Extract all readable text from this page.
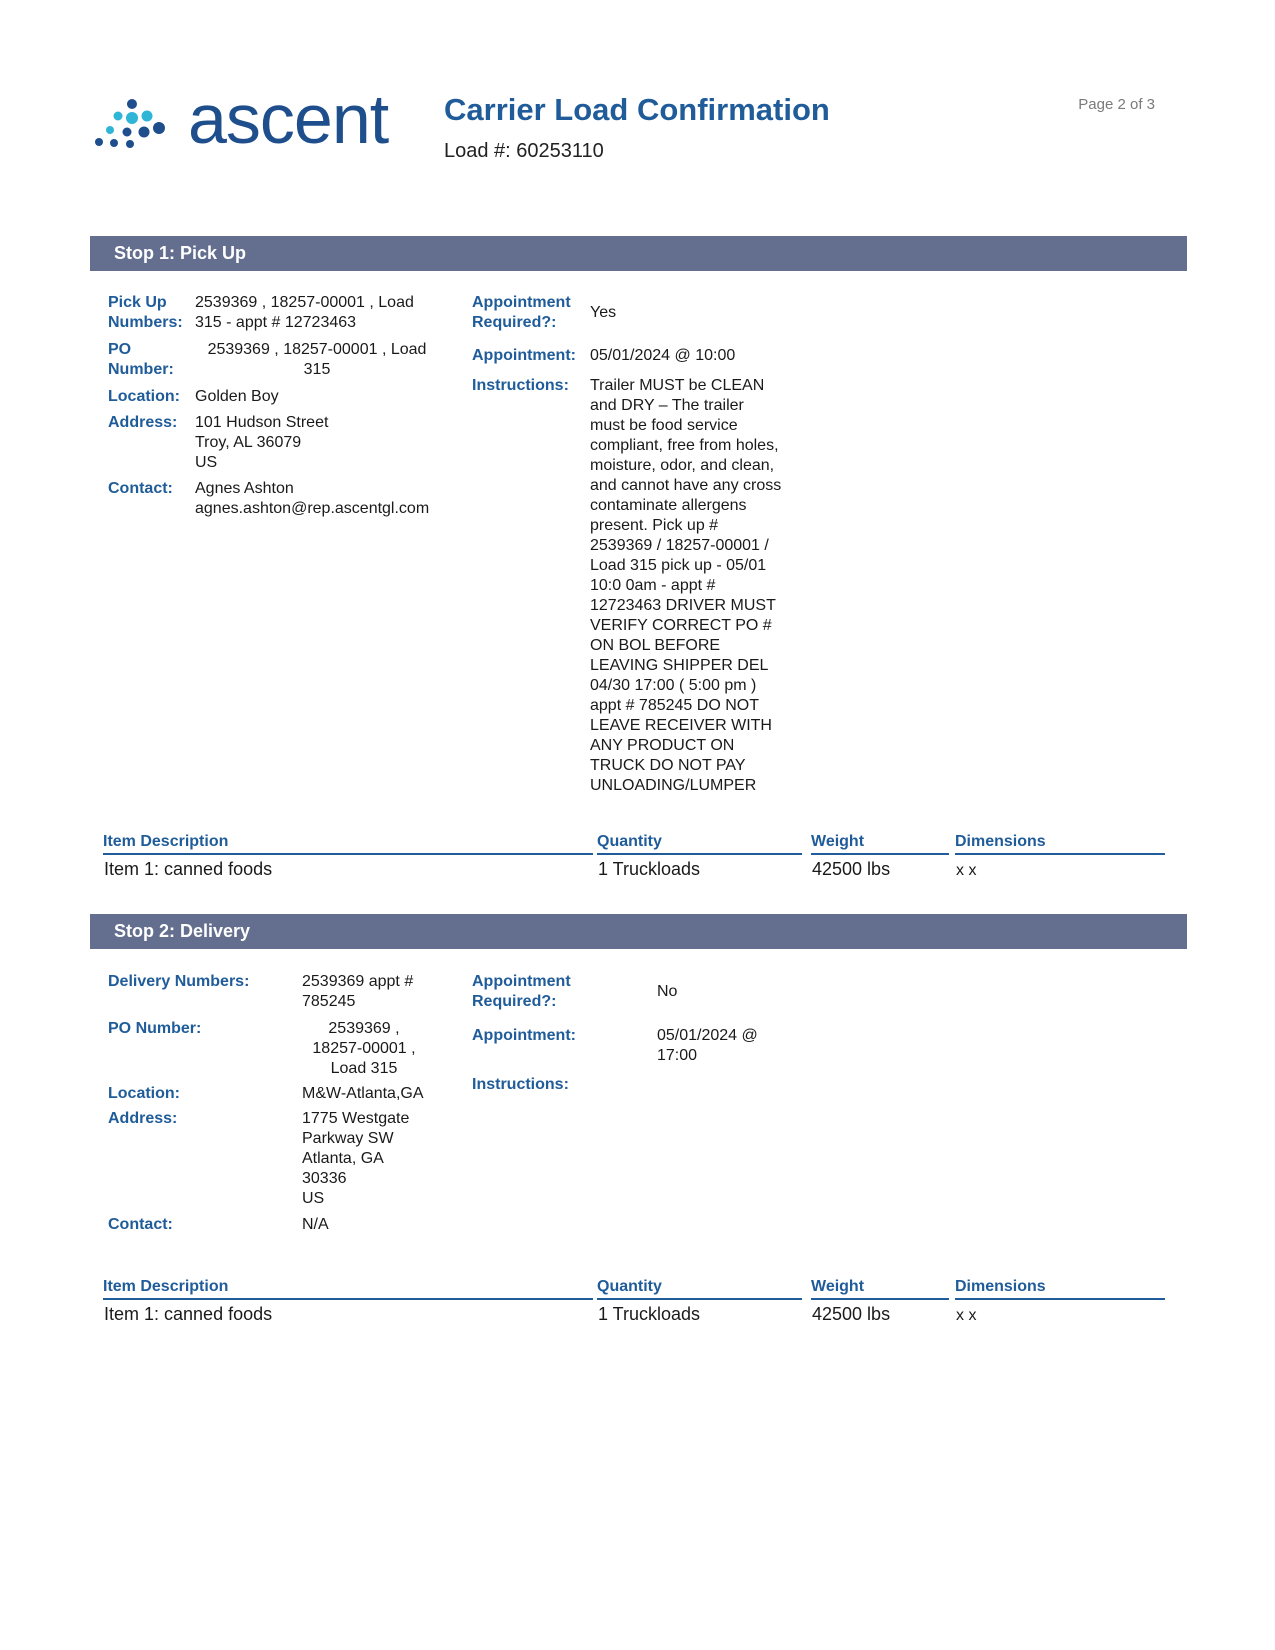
ascent Carrier Load Confirmation
Load #: 60253110
Page 2 of 3
Stop 1: Pick Up
Pick Up
Numbers:
2539369 , 18257-00001 , Load
315 - appt # 12723463
PO
Number:
2539369 , 18257-00001 , Load
315
Location: Golden Boy
Address: 101 Hudson Street
Troy, AL 36079
US
Contact: Agnes Ashton
agnes.ashton@rep.ascentgl.com
Appointment
Required?:
Yes
Appointment: 05/01/2024 @ 10:00
Instructions: Trailer MUST be CLEAN
and DRY – The trailer
must be food service
compliant, free from holes,
moisture, odor, and clean,
and cannot have any cross
contaminate allergens
present. Pick up #
2539369 / 18257-00001 /
Load 315 pick up - 05/01
10:0 0am - appt #
12723463 DRIVER MUST
VERIFY CORRECT PO #
ON BOL BEFORE
LEAVING SHIPPER DEL
04/30 17:00 ( 5:00 pm )
appt # 785245 DO NOT
LEAVE RECEIVER WITH
ANY PRODUCT ON
TRUCK DO NOT PAY
UNLOADING/LUMPER
Item Description	Quantity	Weight	Dimensions
Item 1: canned foods	1 Truckloads	42500 lbs	x x
Stop 2: Delivery
Delivery Numbers:	2539369 appt #
785245
PO Number:	2539369 ,
18257-00001 ,
Load 315
Location:	M&W-Atlanta,GA
Address:	1775 Westgate
Parkway SW
Atlanta, GA
30336
US
Contact:	N/A
Appointment
Required?:
No
Appointment:	05/01/2024 @
17:00
Instructions:
Item Description	Quantity	Weight	Dimensions
Item 1: canned foods	1 Truckloads	42500 lbs	x x
